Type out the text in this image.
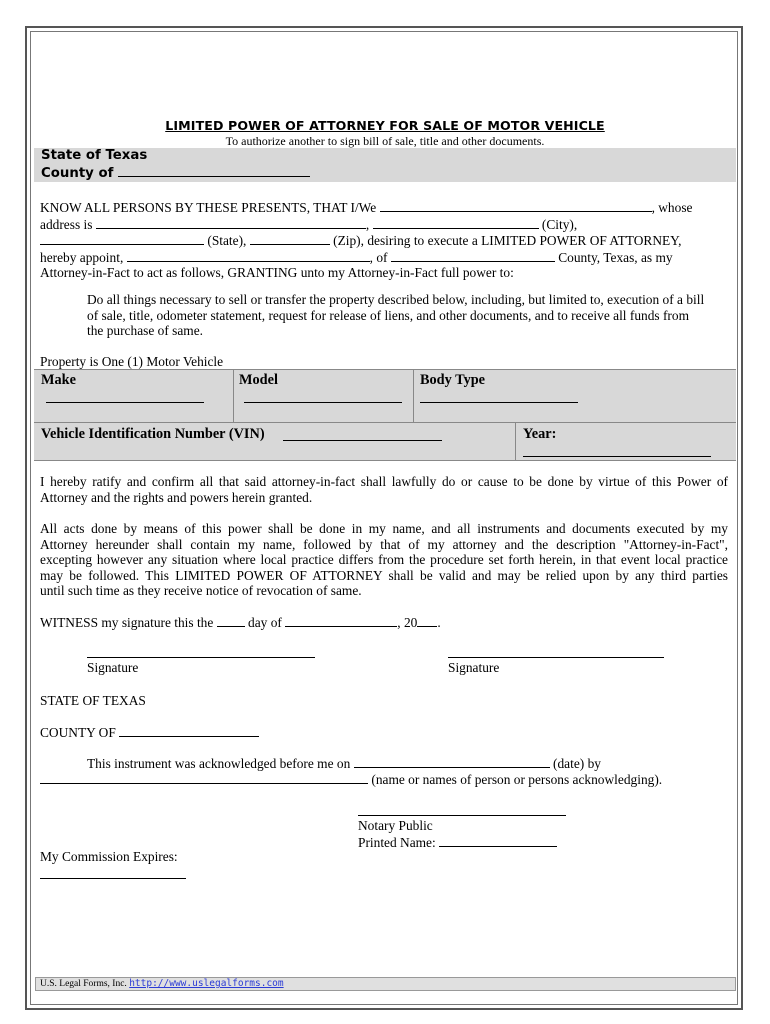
LIMITED POWER OF ATTORNEY FOR SALE OF MOTOR VEHICLE
To authorize another to sign bill of sale, title and other documents.
State of Texas
County of
KNOW ALL PERSONS BY THESE PRESENTS, THAT I/We	, whose
address is	,	(City),
(State),	(Zip), desiring to execute a LIMITED POWER OF ATTORNEY,
hereby appoint,	, of	County, Texas, as my
Attorney-in-Fact to act as follows, GRANTING unto my Attorney-in-Fact full power to:
Do all things necessary to sell or transfer the property described below, including, but limited to, execution of a bill
of sale, title, odometer statement, request for release of liens, and other documents, and to receive all funds from
the purchase of same.
Property is One (1) Motor Vehicle
Make	Model	Body Type
Vehicle Identification Number (VIN)	Year:
I hereby ratify and confirm all that said attorney-in-fact shall lawfully do or cause to be done by virtue of this Power of
Attorney and the rights and powers herein granted.
All acts done by means of this power shall be done in my name, and all instruments and documents executed by my
Attorney hereunder shall contain my name, followed by that of my attorney and the description "Attorney-in-Fact",
excepting however any situation where local practice differs from the procedure set forth herein, in that event local practice
may be followed. This LIMITED POWER OF ATTORNEY shall be valid and may be relied upon by any third parties
until such time as they receive notice of revocation of same.
WITNESS my signature this the	day of	, 20 .
Signature	Signature
STATE OF TEXAS
COUNTY OF
This instrument was acknowledged before me on	(date) by
(name or names of person or persons acknowledging).
Notary Public
Printed Name:
My Commission Expires:
U.S. Legal Forms, Inc. http://www.uslegalforms.com
